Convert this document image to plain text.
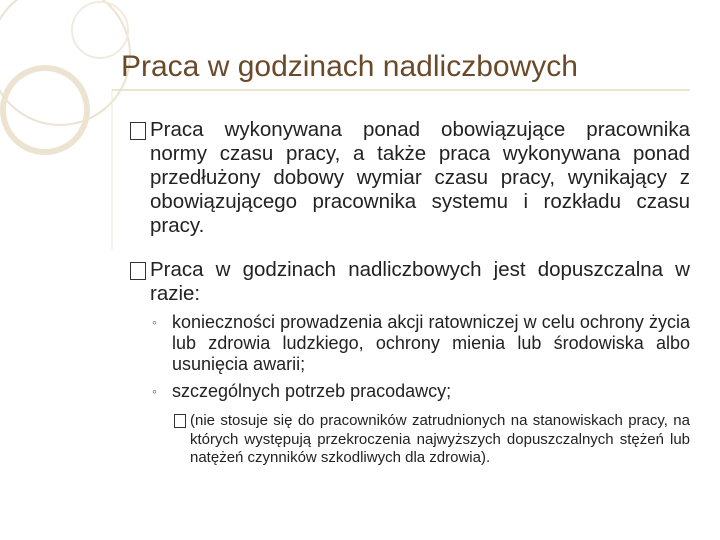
Praca w godzinach nadliczbowych
Praca wykonywana ponad obowiązujące pracownika normy czasu pracy, a także praca wykonywana ponad przedłużony dobowy wymiar czasu pracy, wynikający z obowiązującego pracownika systemu i rozkładu czasu pracy.
Praca w godzinach nadliczbowych jest dopuszczalna w razie:
◦ konieczności prowadzenia akcji ratowniczej w celu ochrony życia lub zdrowia ludzkiego, ochrony mienia lub środowiska albo usunięcia awarii;
◦ szczególnych potrzeb pracodawcy;
(nie stosuje się do pracowników zatrudnionych na stanowiskach pracy, na których występują przekroczenia najwyższych dopuszczalnych stężeń lub natężeń czynników szkodliwych dla zdrowia).
